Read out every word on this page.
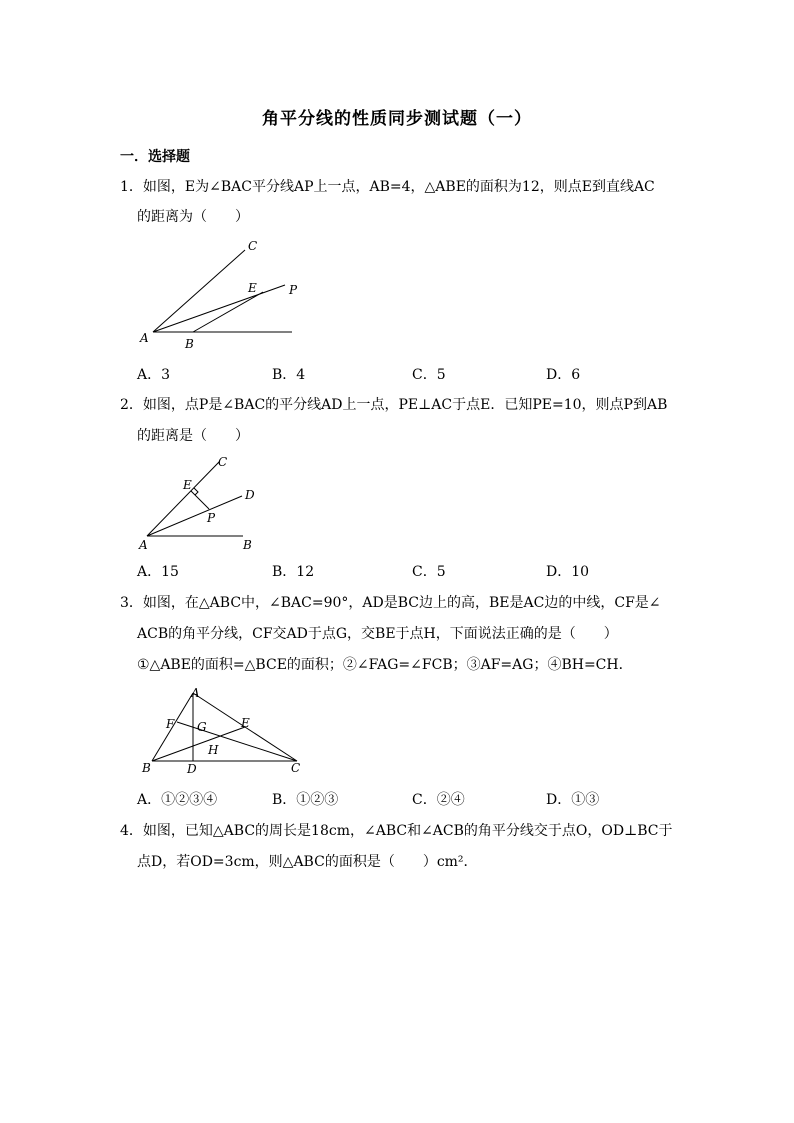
角平分线的性质同步测试题（一）
一．选择题
1．如图，E为∠BAC平分线AP上一点，AB=4，△ABE的面积为12，则点E到直线AC
的距离为（　　）
A	B
C
E	P
A．3	B．4	C．5	D．6
2．如图，点P是∠BAC的平分线AD上一点，PE⊥AC于点E．已知PE=10，则点P到AB
的距离是（　　）
A	B
C
D
E
P
A．15	B．12	C．5	D．10
3．如图，在△ABC中，∠BAC=90°，AD是BC边上的高，BE是AC边的中线，CF是∠
ACB的角平分线，CF交AD于点G，交BE于点H，下面说法正确的是（　　）
①△ABE的面积=△BCE的面积；②∠FAG=∠FCB；③AF=AG；④BH=CH．
A
B	C
D
E
F G
H
A．①②③④	B．①②③	C．②④	D．①③
4．如图，已知△ABC的周长是18cm，∠ABC和∠ACB的角平分线交于点O，OD⊥BC于
点D，若OD=3cm，则△ABC的面积是（　　）cm²．
